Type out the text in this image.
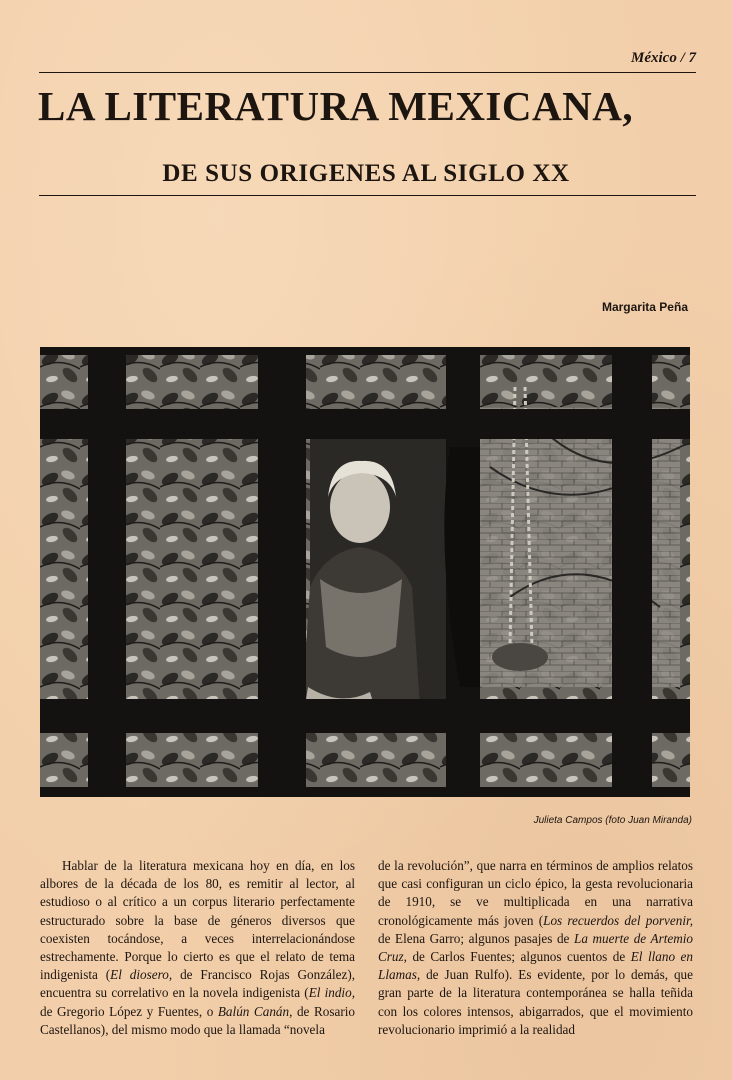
México / 7
LA LITERATURA MEXICANA,
DE SUS ORIGENES AL SIGLO XX
Margarita Peña
Julieta Campos (foto Juan Miranda)

Hablar de la literatura mexicana hoy en día, en los albores de la década de los 80, es remitir al lector, al estudioso o al crítico a un corpus literario perfectamente estructurado sobre la base de géneros diversos que coexisten tocándose, a veces interrelacionándose estrechamente. Porque lo cierto es que el relato de tema indigenista (El diosero, de Francisco Rojas González), encuentra su correlativo en la novela indigenista (El indio, de Gregorio López y Fuentes, o Balún Canán, de Rosario Castellanos), del mismo modo que la llamada “novela

de la revolución”, que narra en términos de amplios relatos que casi configuran un ciclo épico, la gesta revolucionaria de 1910, se ve multiplicada en una narrativa cronológicamente más joven (Los recuerdos del porvenir, de Elena Garro; algunos pasajes de La muerte de Artemio Cruz, de Carlos Fuentes; algunos cuentos de El llano en Llamas, de Juan Rulfo). Es evidente, por lo demás, que gran parte de la literatura contemporánea se halla teñida con los colores intensos, abigarrados, que el movimiento revolucionario imprimió a la realidad
